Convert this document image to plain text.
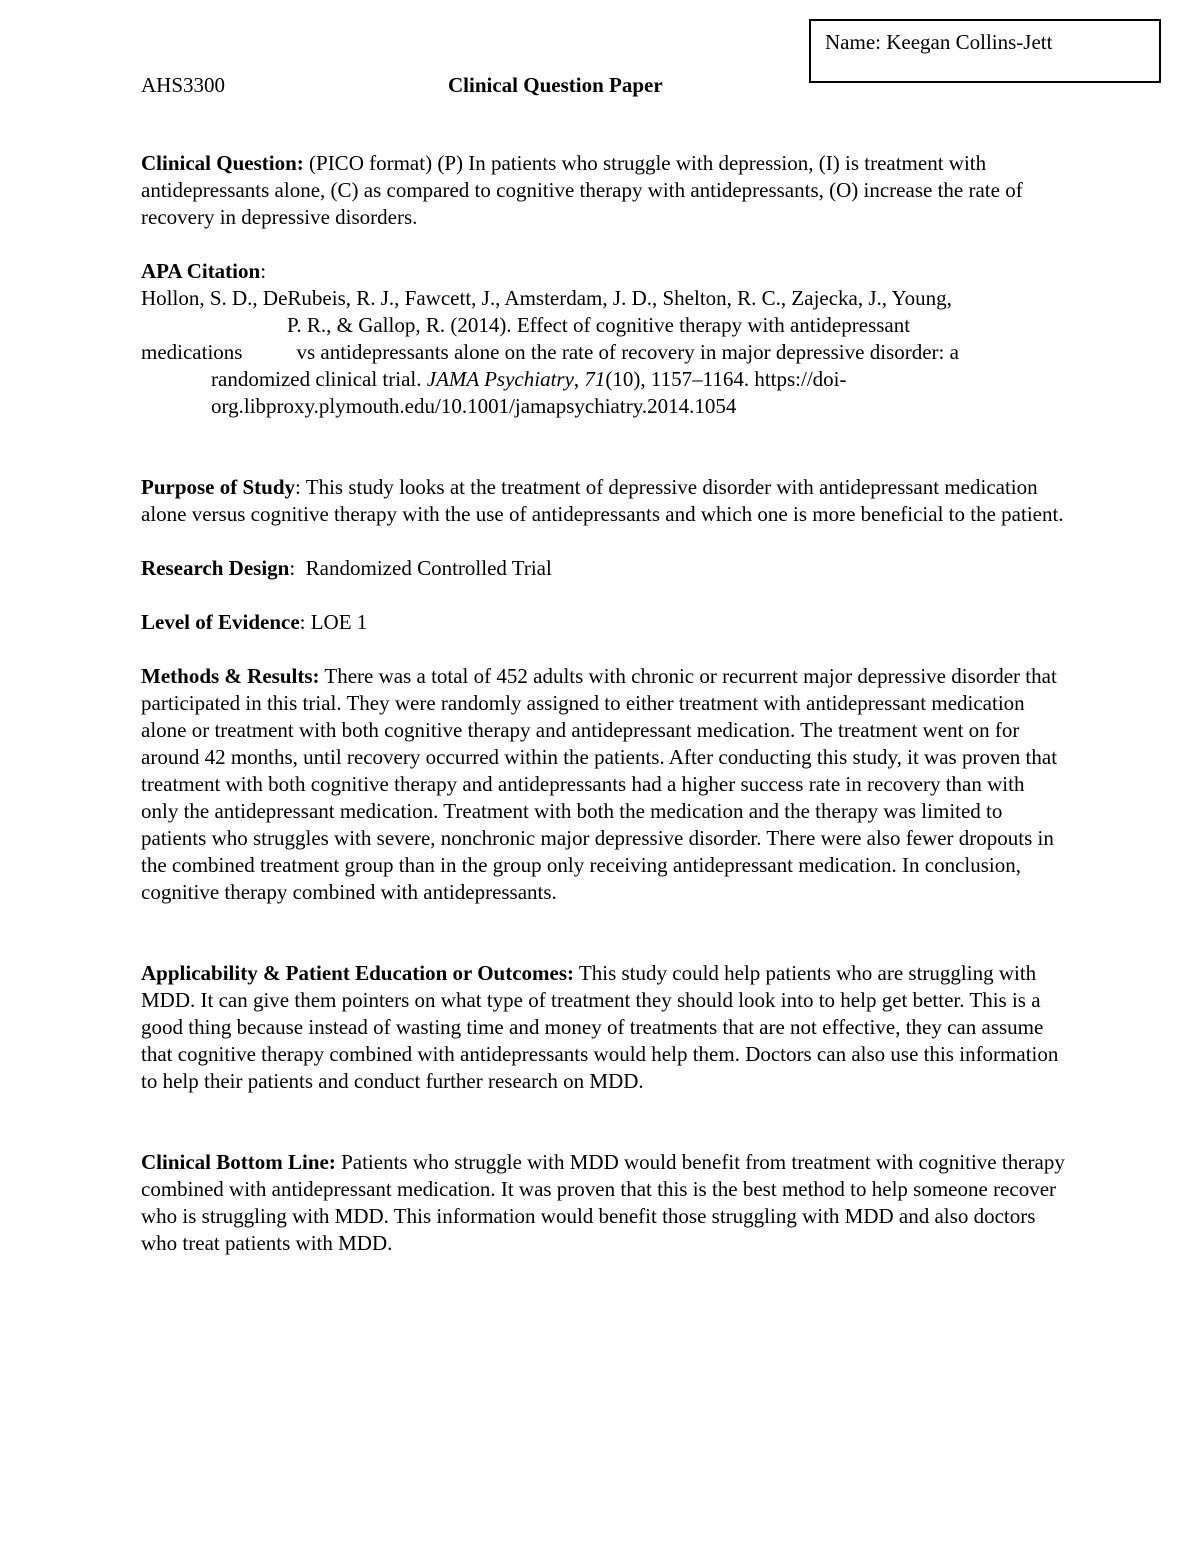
Name: Keegan Collins-Jett
AHS3300	Clinical Question Paper

Clinical Question: (PICO format) (P) In patients who struggle with depression, (I) is treatment with antidepressants alone, (C) as compared to cognitive therapy with antidepressants, (O) increase the rate of recovery in depressive disorders.

APA Citation:

Hollon, S. D., DeRubeis, R. J., Fawcett, J., Amsterdam, J. D., Shelton, R. C., Zajecka, J., Young,

P. R., & Gallop, R. (2014). Effect of cognitive therapy with antidepressant

medications	vs antidepressants alone on the rate of recovery in major depressive disorder: a

randomized clinical trial. JAMA Psychiatry, 71(10), 1157–1164. https://doi-

org.libproxy.plymouth.edu/10.1001/jamapsychiatry.2014.1054

Purpose of Study: This study looks at the treatment of depressive disorder with antidepressant medication alone versus cognitive therapy with the use of antidepressants and which one is more beneficial to the patient.

Research Design:  Randomized Controlled Trial

Level of Evidence: LOE 1

Methods & Results: There was a total of 452 adults with chronic or recurrent major depressive disorder that participated in this trial. They were randomly assigned to either treatment with antidepressant medication alone or treatment with both cognitive therapy and antidepressant medication. The treatment went on for around 42 months, until recovery occurred within the patients. After conducting this study, it was proven that treatment with both cognitive therapy and antidepressants had a higher success rate in recovery than with only the antidepressant medication. Treatment with both the medication and the therapy was limited to patients who struggles with severe, nonchronic major depressive disorder. There were also fewer dropouts in the combined treatment group than in the group only receiving antidepressant medication. In conclusion, cognitive therapy combined with antidepressants.

Applicability & Patient Education or Outcomes: This study could help patients who are struggling with MDD. It can give them pointers on what type of treatment they should look into to help get better. This is a good thing because instead of wasting time and money of treatments that are not effective, they can assume that cognitive therapy combined with antidepressants would help them. Doctors can also use this information to help their patients and conduct further research on MDD.

Clinical Bottom Line: Patients who struggle with MDD would benefit from treatment with cognitive therapy combined with antidepressant medication. It was proven that this is the best method to help someone recover who is struggling with MDD. This information would benefit those struggling with MDD and also doctors who treat patients with MDD.
